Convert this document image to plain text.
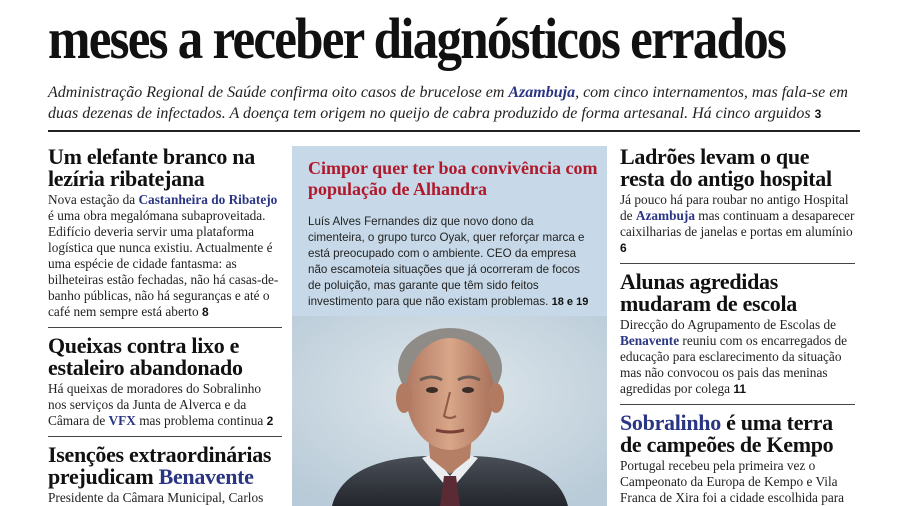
meses a receber diagnósticos errados
Administração Regional de Saúde confirma oito casos de brucelose em Azambuja, com cinco internamentos, mas fala-se em duas dezenas de infectados. A doença tem origem no queijo de cabra produzido de forma artesanal. Há cinco arguidos 3
Um elefante branco na lezíria ribatejana

Nova estação da Castanheira do Ribatejo é uma obra megalómana subaproveitada. Edifício deveria servir uma plataforma logística que nunca existiu. Actualmente é uma espécie de cidade fantasma: as bilheteiras estão fechadas, não há casas-de-banho públicas, não há seguranças e até o café nem sempre está aberto 8

Queixas contra lixo e estaleiro abandonado

Há queixas de moradores do Sobralinho nos serviços da Junta de Alverca e da Câmara de VFX mas problema continua 2

Isenções extraordinárias prejudicam Benavente

Presidente da Câmara Municipal, Carlos

Cimpor quer ter boa convivência com população de Alhandra

Luís Alves Fernandes diz que novo dono da cimenteira, o grupo turco Oyak, quer reforçar marca e está preocupado com o ambiente. CEO da empresa não escamoteia situações que já ocorreram de focos de poluição, mas garante que têm sido feitos investimento para que não existam problemas. 18 e 19

Ladrões levam o que resta do antigo hospital

Já pouco há para roubar no antigo Hospital de Azambuja mas continuam a desaparecer caixilharias de janelas e portas em alumínio 6

Alunas agredidas mudaram de escola

Direcção do Agrupamento de Escolas de Benavente reuniu com os encarregados de educação para esclarecimento da situação mas não convocou os pais das meninas agredidas por colega 11

Sobralinho é uma terra de campeões de Kempo

Portugal recebeu pela primeira vez o Campeonato da Europa de Kempo e Vila Franca de Xira foi a cidade escolhida para
